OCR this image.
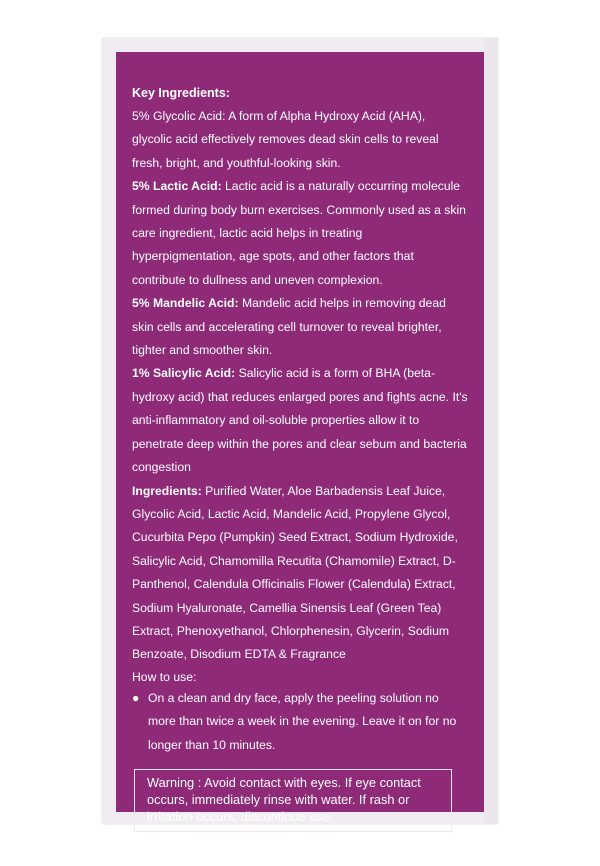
Key Ingredients:

5% Glycolic Acid: A form of Alpha Hydroxy Acid (AHA), glycolic acid effectively removes dead skin cells to reveal fresh, bright, and youthful-looking skin.

5% Lactic Acid: Lactic acid is a naturally occurring molecule formed during body burn exercises. Commonly used as a skin care ingredient, lactic acid helps in treating hyperpigmentation, age spots, and other factors that contribute to dullness and uneven complexion.

5% Mandelic Acid: Mandelic acid helps in removing dead skin cells and accelerating cell turnover to reveal brighter, tighter and smoother skin.

1% Salicylic Acid: Salicylic acid is a form of BHA (beta-hydroxy acid) that reduces enlarged pores and fights acne. It's anti-inflammatory and oil-soluble properties allow it to penetrate deep within the pores and clear sebum and bacteria congestion

Ingredients: Purified Water, Aloe Barbadensis Leaf Juice, Glycolic Acid, Lactic Acid, Mandelic Acid, Propylene Glycol, Cucurbita Pepo (Pumpkin) Seed Extract, Sodium Hydroxide, Salicylic Acid, Chamomilla Recutita (Chamomile) Extract, D-Panthenol, Calendula Officinalis Flower (Calendula) Extract, Sodium Hyaluronate, Camellia Sinensis Leaf (Green Tea) Extract, Phenoxyethanol, Chlorphenesin, Glycerin, Sodium Benzoate, Disodium EDTA & Fragrance

How to use:

● On a clean and dry face, apply the peeling solution no more than twice a week in the evening. Leave it on for no longer than 10 minutes.
Warning : Avoid contact with eyes. If eye contact occurs, immediately rinse with water. If rash or irritation occurs, discontinue use.
